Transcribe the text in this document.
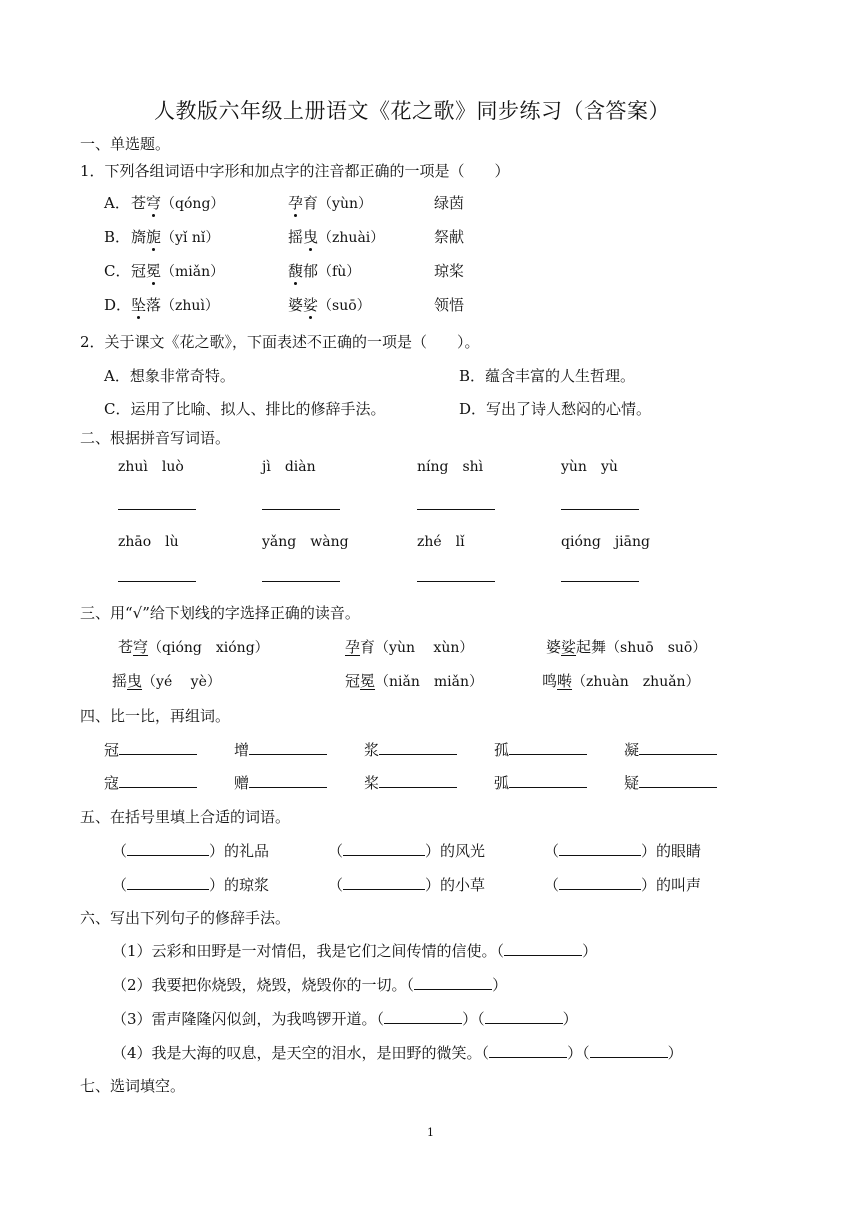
人教版六年级上册语文《花之歌》同步练习（含答案）
一、单选题。
1．下列各组词语中字形和加点字的注音都正确的一项是（　　）
A． 苍穹（qóng）	孕育（yùn）	绿茵
B． 旖旎（yǐ nǐ）	摇曳（zhuài）	祭献
C． 冠冕（miǎn）	馥郁（fù）	琼桨
D． 坠落（zhuì）	婆娑（suō）	领悟
2．关于课文《花之歌》，下面表述不正确的一项是（　　）。
A．想象非常奇特。	B．蕴含丰富的人生哲理。
C．运用了比喻、拟人、排比的修辞手法。	D．写出了诗人愁闷的心情。
二、根据拼音写词语。
zhuì　luò	jì　diàn	níng　shì	yùn　yù
zhāo　lù	yǎng　wàng	zhé　lǐ	qióng　jiāng
三、用“√”给下划线的字选择正确的读音。
苍穹（qióng　xióng）	孕育（yùn　 xùn）	婆娑起舞（shuō　suō）
摇曳（yé　 yè）	冠冕（niǎn　miǎn）	鸣啭（zhuàn　zhuǎn）
四、比一比，再组词。
冠	增	浆	孤	凝
寇	赠	桨	弧	疑
五、在括号里填上合适的词语。
（	）的礼品	（	）的风光	（	）的眼睛
（	）的琼浆	（	）的小草	（	）的叫声
六、写出下列句子的修辞手法。
（1）云彩和田野是一对情侣，我是它们之间传情的信使。（	）
（2）我要把你烧毁，烧毁，烧毁你的一切。（	）
（3）雷声隆隆闪似剑，为我鸣锣开道。（	）（	）
（4）我是大海的叹息，是天空的泪水，是田野的微笑。（	）（	）
七、选词填空。
1
